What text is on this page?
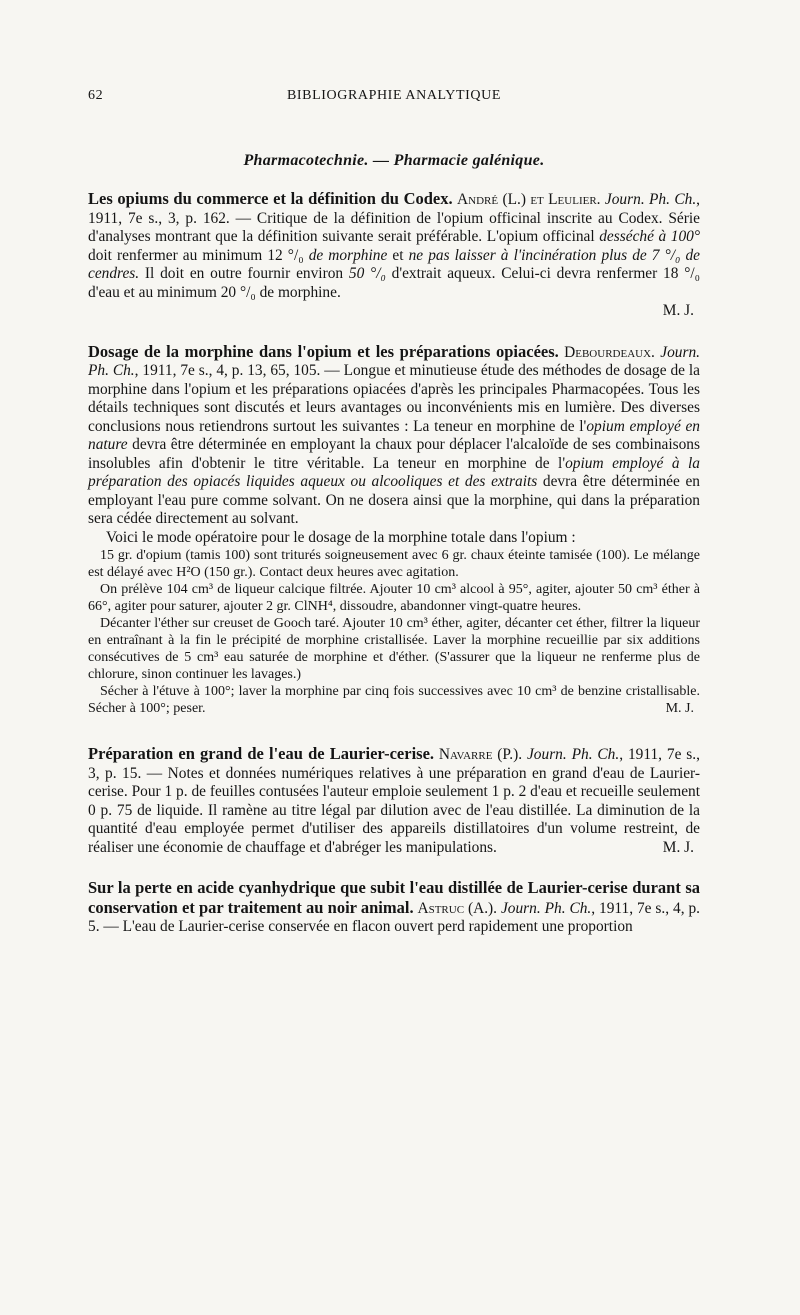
62	BIBLIOGRAPHIE ANALYTIQUE
Pharmacotechnie. — Pharmacie galénique.

Les opiums du commerce et la définition du Codex. André (L.) et Leulier. Journ. Ph. Ch., 1911, 7e s., 3, p. 162. — Critique de la définition de l'opium officinal inscrite au Codex. Série d'analyses montrant que la définition suivante serait préférable. L'opium officinal desséché à 100° doit renfermer au minimum 12 °/₀ de morphine et ne pas laisser à l'incinération plus de 7 °/₀ de cendres. Il doit en outre fournir environ 50 °/₀ d'extrait aqueux. Celui-ci devra renfermer 18 °/₀ d'eau et au minimum 20 °/₀ de morphine.

M. J.

Dosage de la morphine dans l'opium et les préparations opiacées. Debourdeaux. Journ. Ph. Ch., 1911, 7e s., 4, p. 13, 65, 105. — Longue et minutieuse étude des méthodes de dosage de la morphine dans l'opium et les préparations opiacées d'après les principales Pharmacopées. Tous les détails techniques sont discutés et leurs avantages ou inconvénients mis en lumière. Des diverses conclusions nous retiendrons surtout les suivantes : La teneur en morphine de l'opium employé en nature devra être déterminée en employant la chaux pour déplacer l'alcaloïde de ses combinaisons insolubles afin d'obtenir le titre véritable. La teneur en morphine de l'opium employé à la préparation des opiacés liquides aqueux ou alcooliques et des extraits devra être déterminée en employant l'eau pure comme solvant. On ne dosera ainsi que la morphine, qui dans la préparation sera cédée directement au solvant.

Voici le mode opératoire pour le dosage de la morphine totale dans l'opium :

15 gr. d'opium (tamis 100) sont triturés soigneusement avec 6 gr. chaux éteinte tamisée (100). Le mélange est délayé avec H²O (150 gr.). Contact deux heures avec agitation.

On prélève 104 cm³ de liqueur calcique filtrée. Ajouter 10 cm³ alcool à 95°, agiter, ajouter 50 cm³ éther à 66°, agiter pour saturer, ajouter 2 gr. ClNH⁴, dissoudre, abandonner vingt-quatre heures.

Décanter l'éther sur creuset de Gooch taré. Ajouter 10 cm³ éther, agiter, décanter cet éther, filtrer la liqueur en entraînant à la fin le précipité de morphine cristallisée. Laver la morphine recueillie par six additions consécutives de 5 cm³ eau saturée de morphine et d'éther. (S'assurer que la liqueur ne renferme plus de chlorure, sinon continuer les lavages.)

Sécher à l'étuve à 100°; laver la morphine par cinq fois successives avec 10 cm³ de benzine cristallisable. Sécher à 100°; peser.	M. J.

Préparation en grand de l'eau de Laurier-cerise. Navarre (P.). Journ. Ph. Ch., 1911, 7e s., 3, p. 15. — Notes et données numériques relatives à une préparation en grand d'eau de Laurier-cerise. Pour 1 p. de feuilles contusées l'auteur emploie seulement 1 p. 2 d'eau et recueille seulement 0 p. 75 de liquide. Il ramène au titre légal par dilution avec de l'eau distillée. La diminution de la quantité d'eau employée permet d'utiliser des appareils distillatoires d'un volume restreint, de réaliser une économie de chauffage et d'abréger les manipulations.	M. J.

Sur la perte en acide cyanhydrique que subit l'eau distillée de Laurier-cerise durant sa conservation et par traitement au noir animal. Astruc (A.). Journ. Ph. Ch., 1911, 7e s., 4, p. 5. — L'eau de Laurier-cerise conservée en flacon ouvert perd rapidement une proportion
